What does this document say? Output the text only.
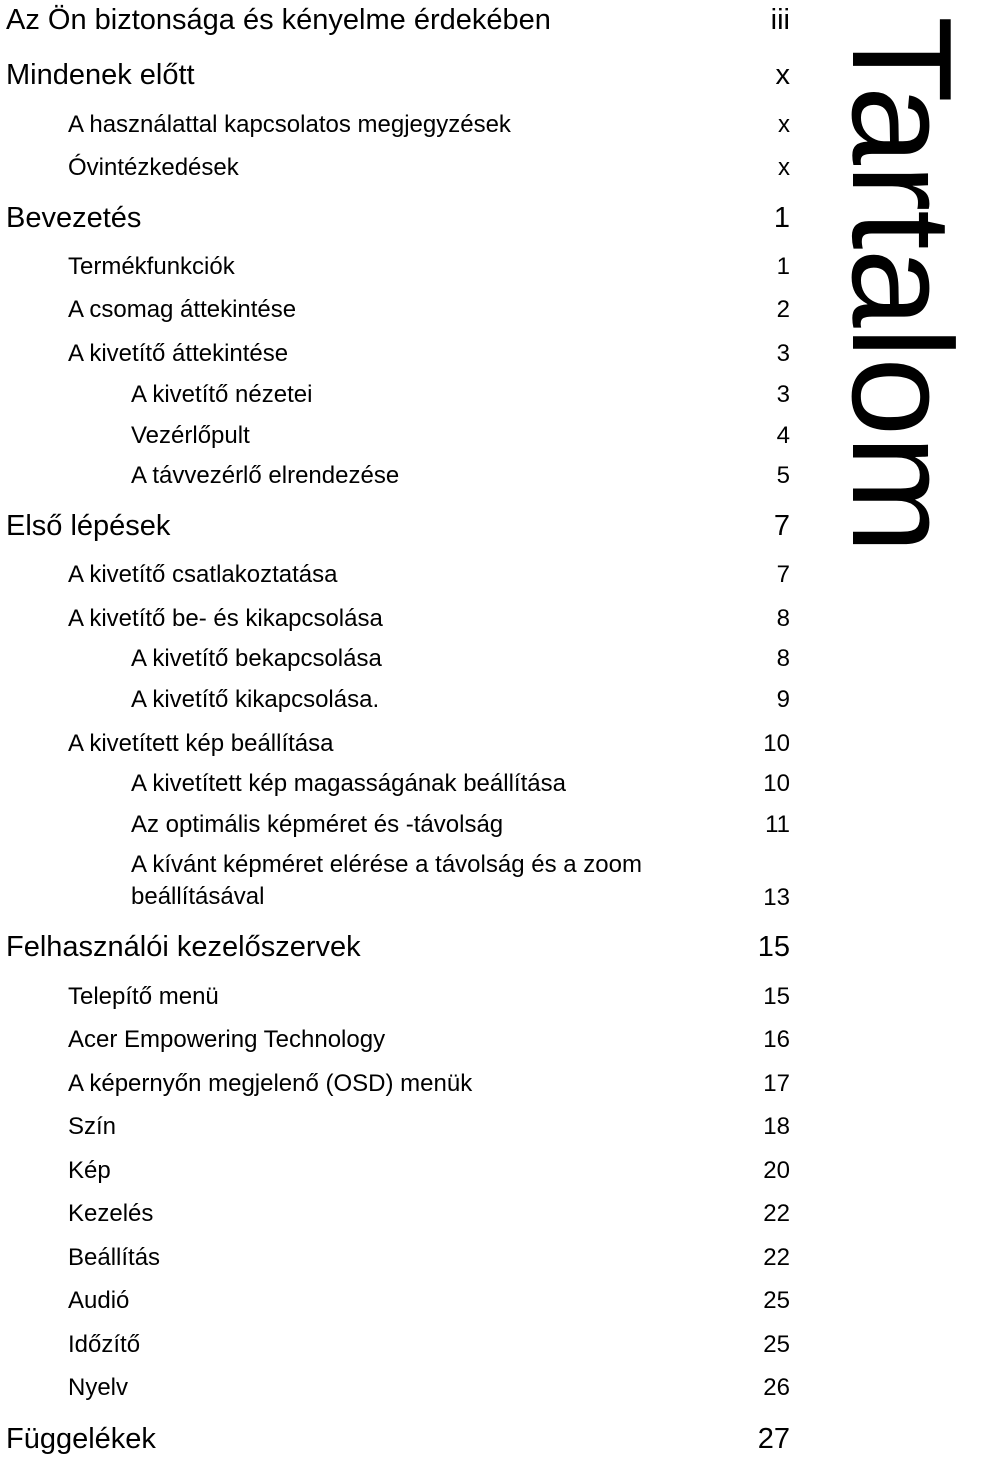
Az Ön biztonsága és kényelme érdekében	iii
Mindenek előtt	x
A használattal kapcsolatos megjegyzések	x
Óvintézkedések	x
Bevezetés	1
Termékfunkciók	1
A csomag áttekintése	2
A kivetítő áttekintése	3
A kivetítő nézetei	3
Vezérlőpult	4
A távvezérlő elrendezése	5
Első lépések	7
A kivetítő csatlakoztatása	7
A kivetítő be- és kikapcsolása	8
A kivetítő bekapcsolása	8
A kivetítő kikapcsolása.	9
A kivetített kép beállítása	10
A kivetített kép magasságának beállítása	10
Az optimális képméret és -távolság	11
A kívánt képméret elérése a távolság és a zoom beállításával	13
Felhasználói kezelőszervek	15
Telepítő menü	15
Acer Empowering Technology	16
A képernyőn megjelenő (OSD) menük	17
Szín	18
Kép	20
Kezelés	22
Beállítás	22
Audió	25
Időzítő	25
Nyelv	26
Függelékek	27
Tartalom
